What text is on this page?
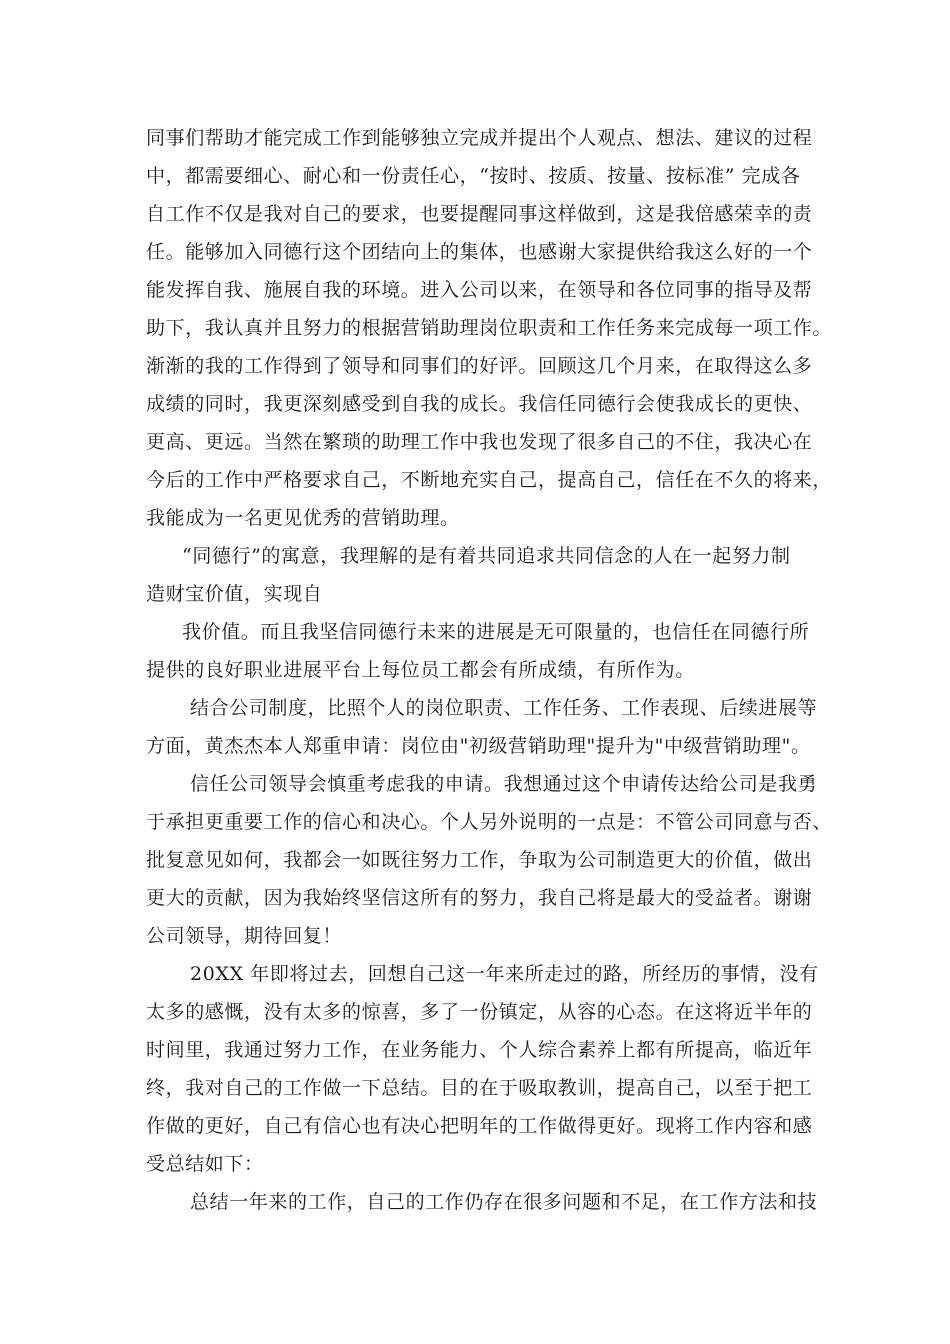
同事们帮助才能完成工作到能够独立完成并提出个人观点、想法、建议的过程
中，都需要细心、耐心和一份责任心，“按时、按质、按量、按标准” 完成各
自工作不仅是我对自己的要求，也要提醒同事这样做到，这是我倍感荣幸的责
任。能够加入同德行这个团结向上的集体，也感谢大家提供给我这么好的一个
能发挥自我、施展自我的环境。进入公司以来，在领导和各位同事的指导及帮
助下，我认真并且努力的根据营销助理岗位职责和工作任务来完成每一项工作。
渐渐的我的工作得到了领导和同事们的好评。回顾这几个月来，在取得这么多
成绩的同时，我更深刻感受到自我的成长。我信任同德行会使我成长的更快、
更高、更远。当然在繁琐的助理工作中我也发现了很多自己的不住，我决心在
今后的工作中严格要求自己，不断地充实自己，提高自己，信任在不久的将来，
我能成为一名更见优秀的营销助理。
“同德行”的寓意，我理解的是有着共同追求共同信念的人在一起努力制
造财宝价值，实现自
我价值。而且我坚信同德行未来的进展是无可限量的，也信任在同德行所
提供的良好职业进展平台上每位员工都会有所成绩，有所作为。
结合公司制度，比照个人的岗位职责、工作任务、工作表现、后续进展等
方面，黄杰杰本人郑重申请：岗位由"初级营销助理"提升为"中级营销助理"。
信任公司领导会慎重考虑我的申请。我想通过这个申请传达给公司是我勇
于承担更重要工作的信心和决心。个人另外说明的一点是：不管公司同意与否、
批复意见如何，我都会一如既往努力工作，争取为公司制造更大的价值，做出
更大的贡献，因为我始终坚信这所有的努力，我自己将是最大的受益者。谢谢
公司领导，期待回复！
20XX 年即将过去，回想自己这一年来所走过的路，所经历的事情，没有
太多的感慨，没有太多的惊喜，多了一份镇定，从容的心态。在这将近半年的
时间里，我通过努力工作，在业务能力、个人综合素养上都有所提高，临近年
终，我对自己的工作做一下总结。目的在于吸取教训，提高自己，以至于把工
作做的更好，自己有信心也有决心把明年的工作做得更好。现将工作内容和感
受总结如下：
总结一年来的工作，自己的工作仍存在很多问题和不足，在工作方法和技
